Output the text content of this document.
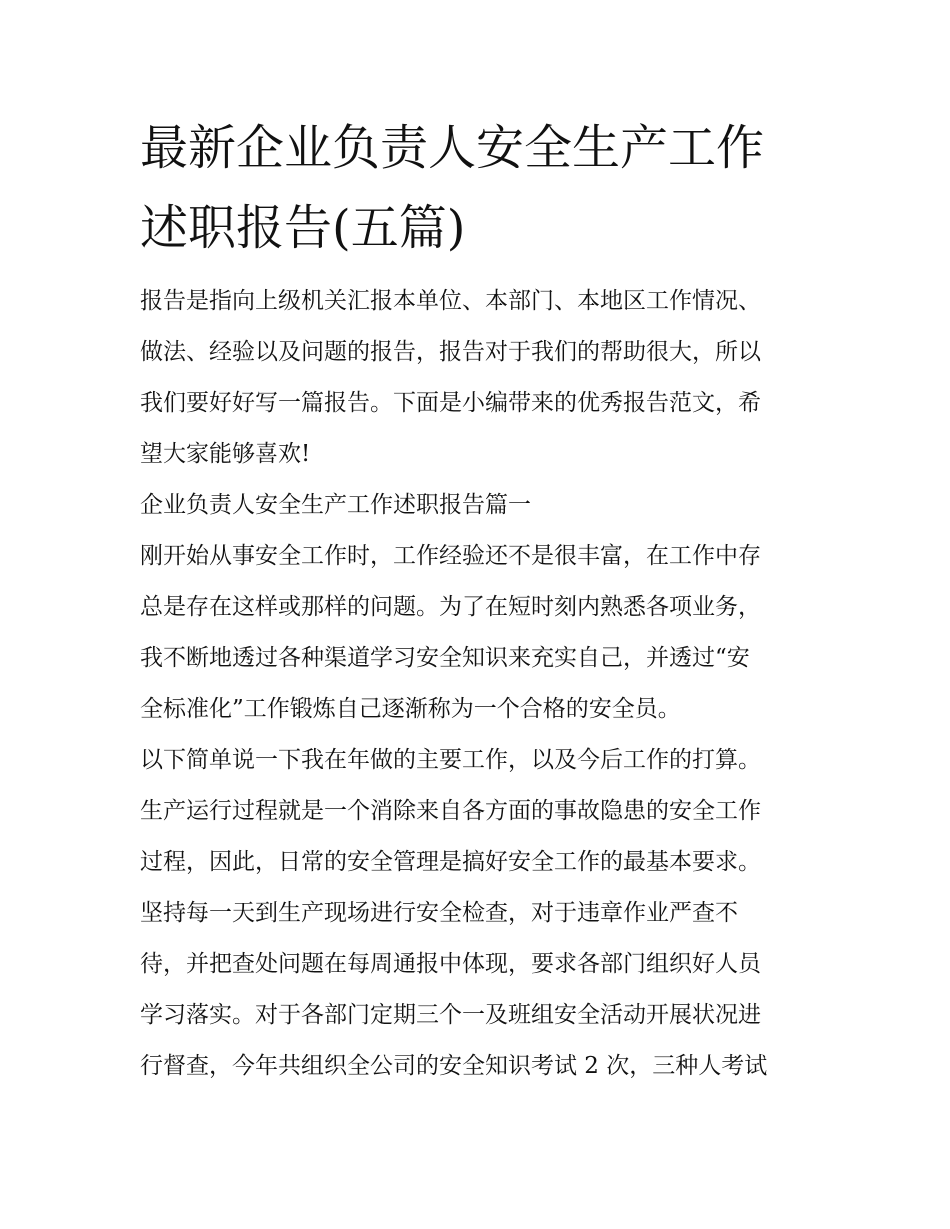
最新企业负责人安全生产工作
述职报告(五篇)
报告是指向上级机关汇报本单位、本部门、本地区工作情况、
做法、经验以及问题的报告，报告对于我们的帮助很大，所以
我们要好好写一篇报告。下面是小编带来的优秀报告范文，希
望大家能够喜欢!
企业负责人安全生产工作述职报告篇一
刚开始从事安全工作时，工作经验还不是很丰富，在工作中存
总是存在这样或那样的问题。为了在短时刻内熟悉各项业务，
我不断地透过各种渠道学习安全知识来充实自己，并透过“安
全标准化”工作锻炼自己逐渐称为一个合格的安全员。
以下简单说一下我在年做的主要工作，以及今后工作的打算。
生产运行过程就是一个消除来自各方面的事故隐患的安全工作
过程，因此，日常的安全管理是搞好安全工作的最基本要求。
坚持每一天到生产现场进行安全检查，对于违章作业严查不
待，并把查处问题在每周通报中体现，要求各部门组织好人员
学习落实。对于各部门定期三个一及班组安全活动开展状况进
行督查，今年共组织全公司的安全知识考试 2 次，三种人考试
